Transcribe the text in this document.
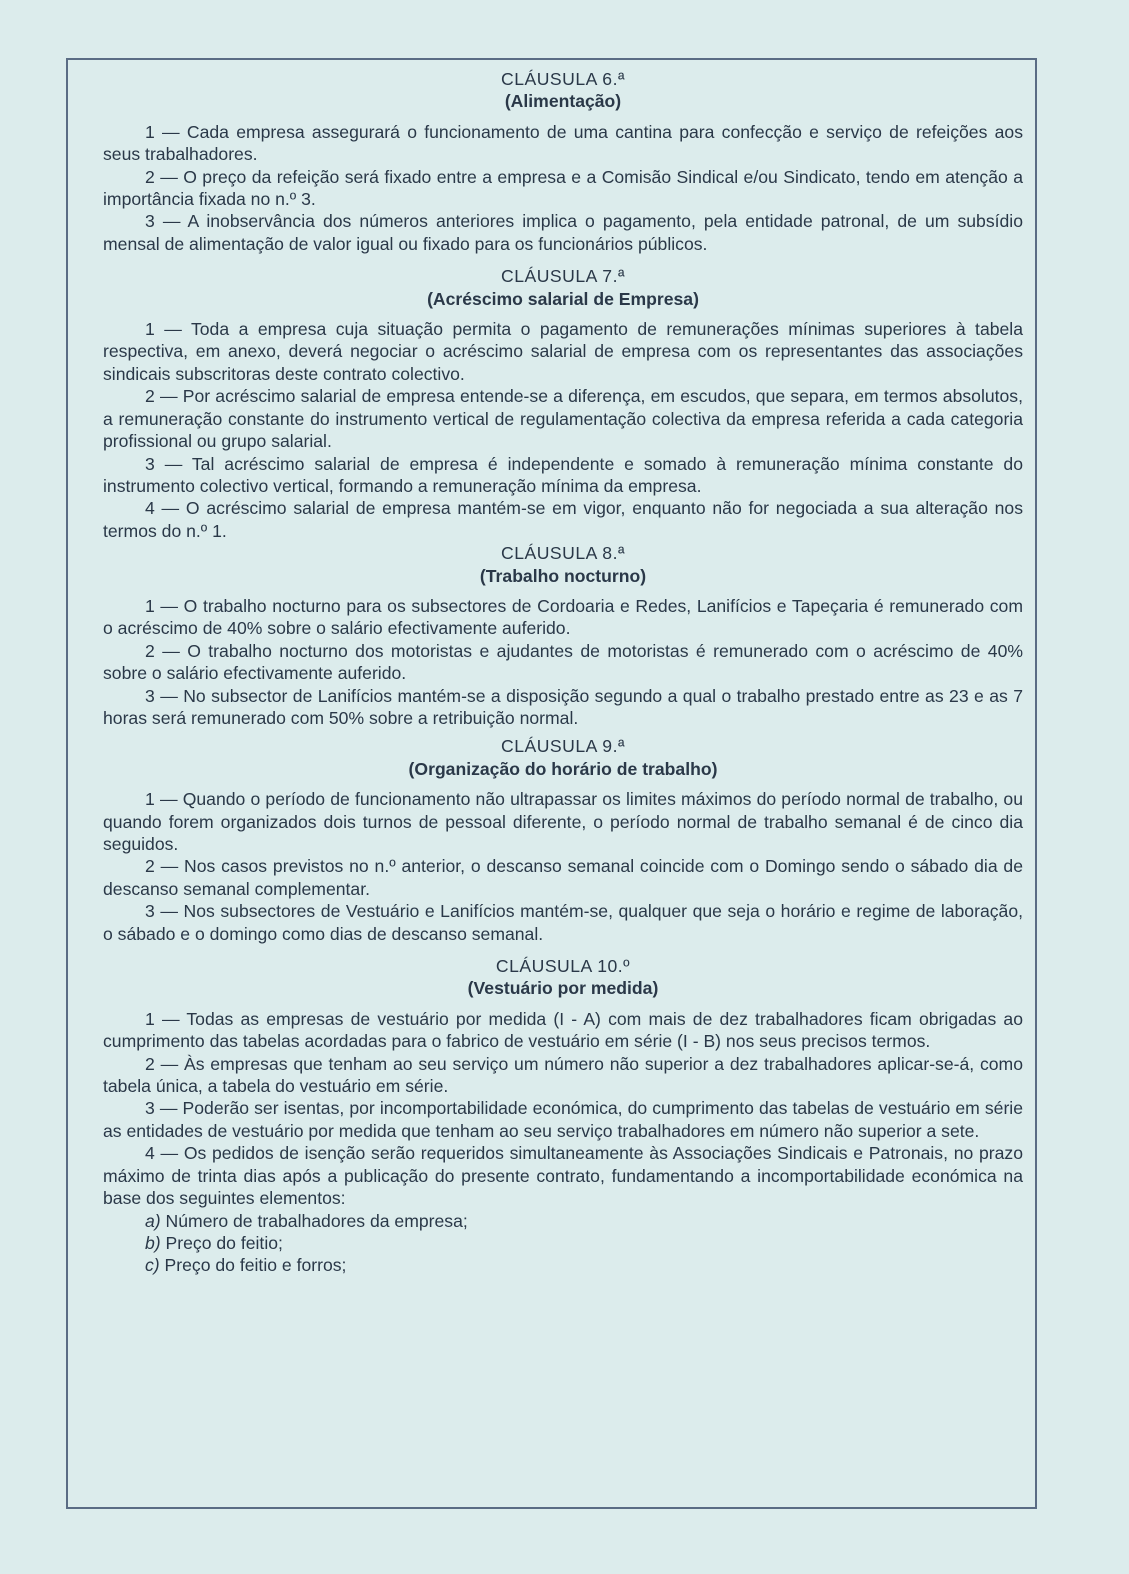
CLÁUSULA 6.ª

(Alimentação)

1 — Cada empresa assegurará o funcionamento de uma cantina para confecção e serviço de refeições aos seus trabalhadores.

2 — O preço da refeição será fixado entre a empresa e a Comisão Sindical e/ou Sindicato, tendo em atenção a importância fixada no n.º 3.

3 — A inobservância dos números anteriores implica o pagamento, pela entidade patronal, de um subsídio mensal de alimentação de valor igual ou fixado para os funcionários públicos.

CLÁUSULA 7.ª

(Acréscimo salarial de Empresa)

1 — Toda a empresa cuja situação permita o pagamento de remunerações mínimas superiores à tabela respectiva, em anexo, deverá negociar o acréscimo salarial de empresa com os representantes das associações sindicais subscritoras deste contrato colectivo.

2 — Por acréscimo salarial de empresa entende-se a diferença, em escudos, que separa, em termos absolutos, a remuneração constante do instrumento vertical de regulamentação colectiva da empresa referida a cada categoria profissional ou grupo salarial.

3 — Tal acréscimo salarial de empresa é independente e somado à remuneração mínima constante do instrumento colectivo vertical, formando a remuneração mínima da empresa.

4 — O acréscimo salarial de empresa mantém-se em vigor, enquanto não for negociada a sua alteração nos termos do n.º 1.

CLÁUSULA 8.ª

(Trabalho nocturno)

1 — O trabalho nocturno para os subsectores de Cordoaria e Redes, Lanifícios e Tapeçaria é remunerado com o acréscimo de 40% sobre o salário efectivamente auferido.

2 — O trabalho nocturno dos motoristas e ajudantes de motoristas é remunerado com o acréscimo de 40% sobre o salário efectivamente auferido.

3 — No subsector de Lanifícios mantém-se a disposição segundo a qual o trabalho prestado entre as 23 e as 7 horas será remunerado com 50% sobre a retribuição normal.

CLÁUSULA 9.ª

(Organização do horário de trabalho)

1 — Quando o período de funcionamento não ultrapassar os limites máximos do período normal de trabalho, ou quando forem organizados dois turnos de pessoal diferente, o período normal de trabalho semanal é de cinco dia seguidos.

2 — Nos casos previstos no n.º anterior, o descanso semanal coincide com o Domingo sendo o sábado dia de descanso semanal complementar.

3 — Nos subsectores de Vestuário e Lanifícios mantém-se, qualquer que seja o horário e regime de laboração, o sábado e o domingo como dias de descanso semanal.

CLÁUSULA 10.º

(Vestuário por medida)

1 — Todas as empresas de vestuário por medida (I - A) com mais de dez trabalhadores ficam obrigadas ao cumprimento das tabelas acordadas para o fabrico de vestuário em série (I - B) nos seus precisos termos.

2 — Às empresas que tenham ao seu serviço um número não superior a dez trabalhadores aplicar-se-á, como tabela única, a tabela do vestuário em série.

3 — Poderão ser isentas, por incomportabilidade económica, do cumprimento das tabelas de vestuário em série as entidades de vestuário por medida que tenham ao seu serviço trabalhadores em número não superior a sete.

4 — Os pedidos de isenção serão requeridos simultaneamente às Associações Sindicais e Patronais, no prazo máximo de trinta dias após a publicação do presente contrato, fundamentando a incomportabilidade económica na base dos seguintes elementos:

a) Número de trabalhadores da empresa;

b) Preço do feitio;

c) Preço do feitio e forros;
